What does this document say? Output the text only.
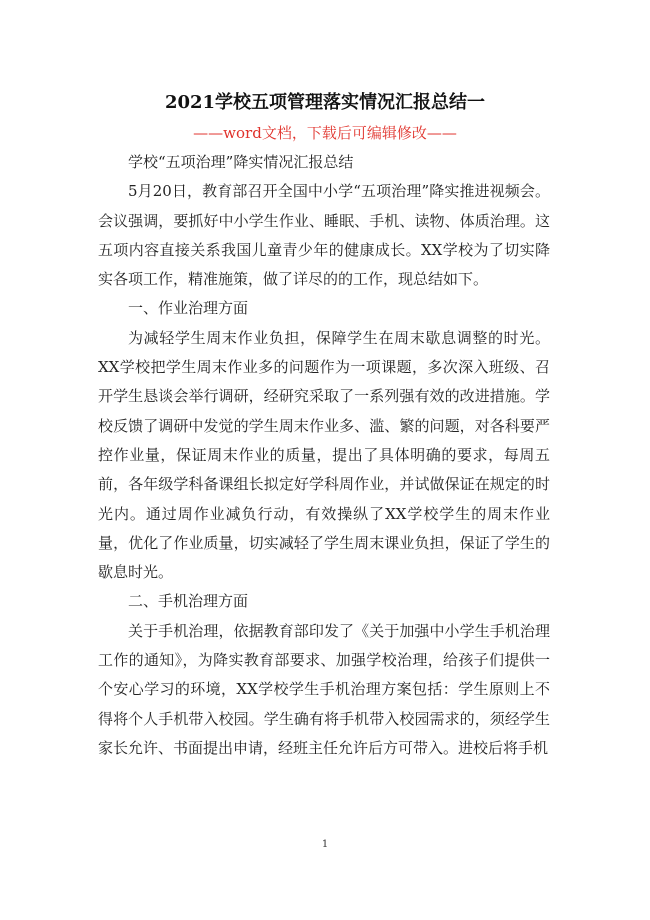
2021学校五项管理落实情况汇报总结一
——word文档，下载后可编辑修改——

学校“五项治理”降实情况汇报总结

5月20日，教育部召开全国中小学“五项治理”降实推进视频会。会议强调，要抓好中小学生作业、睡眠、手机、读物、体质治理。这五项内容直接关系我国儿童青少年的健康成长。XX学校为了切实降实各项工作，精准施策，做了详尽的的工作，现总结如下。

一、作业治理方面

为减轻学生周末作业负担，保障学生在周末歇息调整的时光。XX学校把学生周末作业多的问题作为一项课题，多次深入班级、召开学生恳谈会举行调研，经研究采取了一系列强有效的改进措施。学校反馈了调研中发觉的学生周末作业多、滥、繁的问题，对各科要严控作业量，保证周末作业的质量，提出了具体明确的要求，每周五前，各年级学科备课组长拟定好学科周作业，并试做保证在规定的时光内。通过周作业减负行动，有效操纵了XX学校学生的周末作业量，优化了作业质量，切实减轻了学生周末课业负担，保证了学生的歇息时光。

二、手机治理方面

关于手机治理，依据教育部印发了《关于加强中小学生手机治理工作的通知》，为降实教育部要求、加强学校治理，给孩子们提供一个安心学习的环境，XX学校学生手机治理方案包括：学生原则上不得将个人手机带入校园。学生确有将手机带入校园需求的，须经学生家长允许、书面提出申请，经班主任允许后方可带入。进校后将手机

1
